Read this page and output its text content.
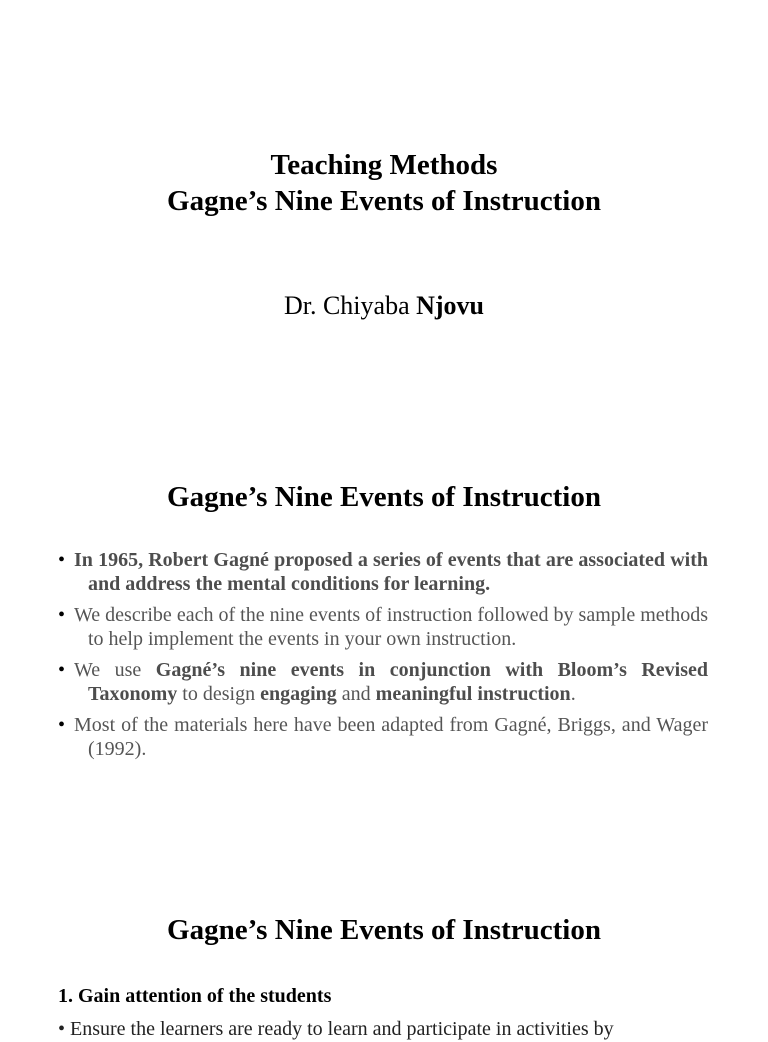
Teaching Methods
Gagne’s Nine Events of Instruction
Dr. Chiyaba Njovu
Gagne’s Nine Events of Instruction
• In 1965, Robert Gagné proposed a series of events that are associated with and address the mental conditions for learning.
• We describe each of the nine events of instruction followed by sample methods to help implement the events in your own instruction.
• We use Gagné’s nine events in conjunction with Bloom’s Revised Taxonomy to design engaging and meaningful instruction.
• Most of the materials here have been adapted from Gagné, Briggs, and Wager (1992).
Gagne’s Nine Events of Instruction
1. Gain attention of the students
• Ensure the learners are ready to learn and participate in activities by
